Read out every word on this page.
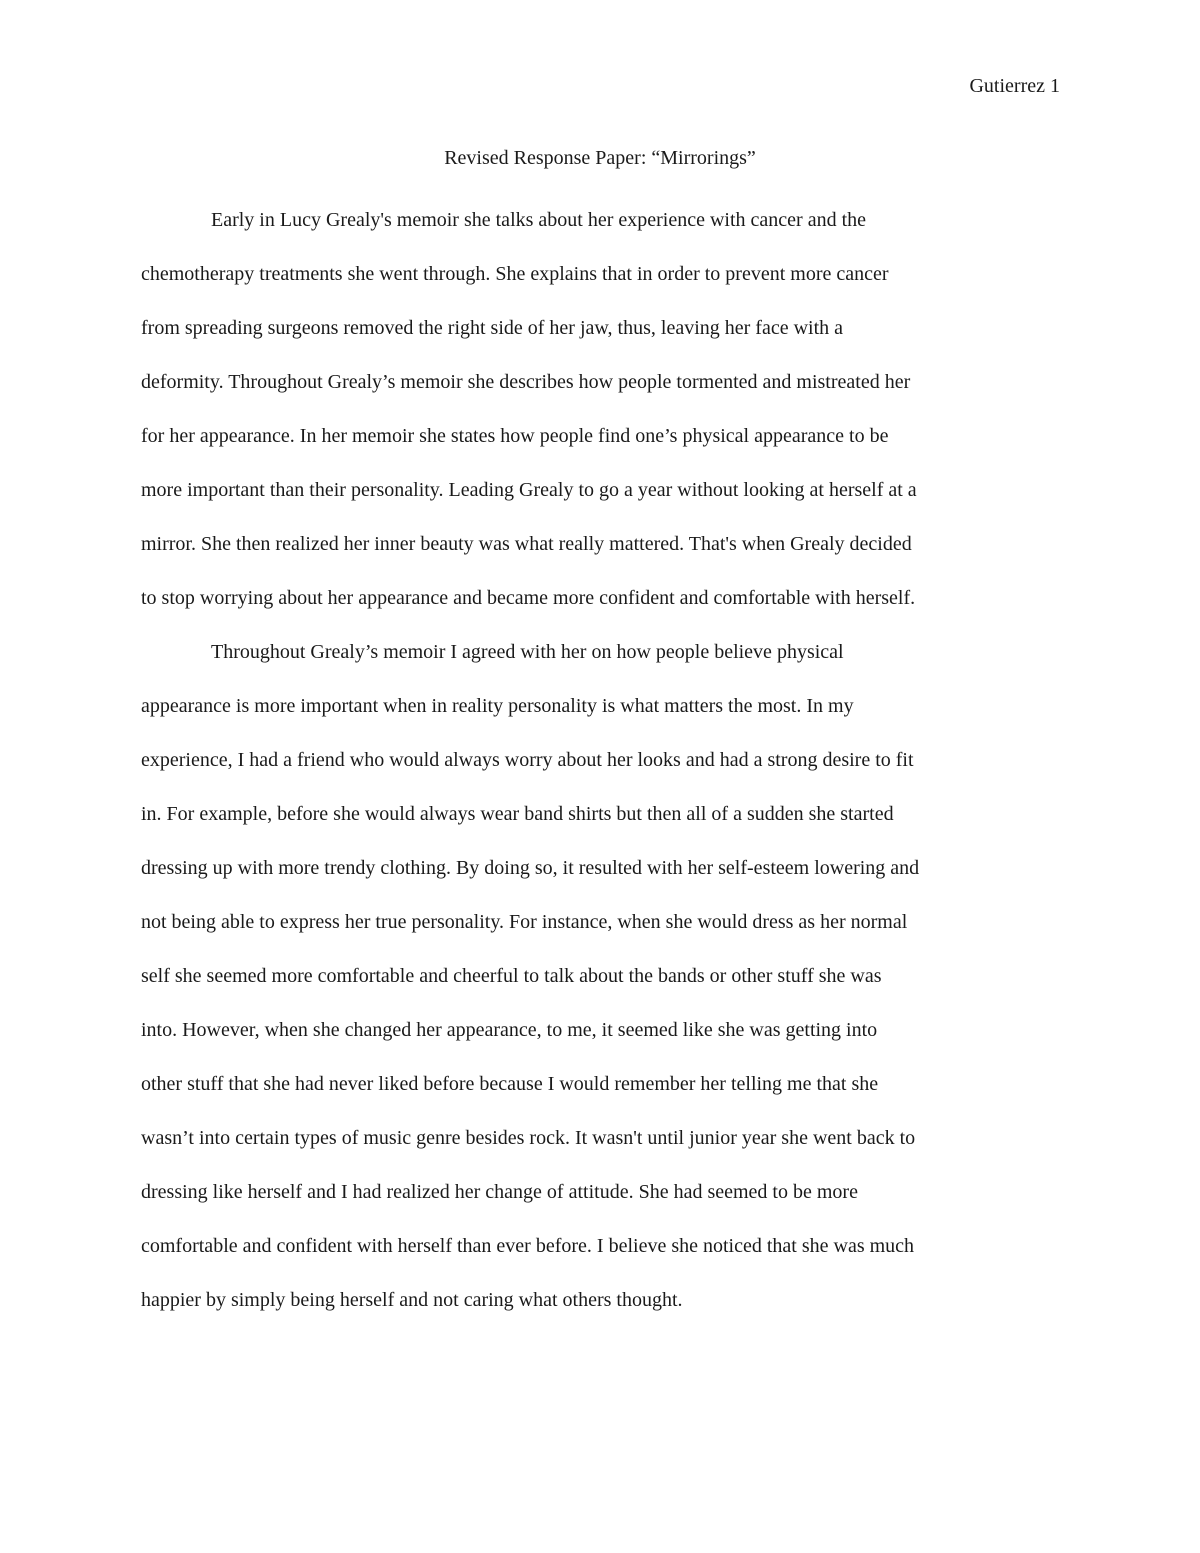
Gutierrez 1
Revised Response Paper: “Mirrorings”
Early in Lucy Grealy's memoir she talks about her experience with cancer and the
chemotherapy treatments she went through. She explains that in order to prevent more cancer
from spreading surgeons removed the right side of her jaw, thus, leaving her face with a
deformity. Throughout Grealy’s memoir she describes how people tormented and mistreated her
for her appearance. In her memoir she states how people find one’s physical appearance to be
more important than their personality. Leading Grealy to go a year without looking at herself at a
mirror. She then realized her inner beauty was what really mattered. That's when Grealy decided
to stop worrying about her appearance and became more confident and comfortable with herself.
Throughout Grealy’s memoir I agreed with her on how people believe physical
appearance is more important when in reality personality is what matters the most. In my
experience, I had a friend who would always worry about her looks and had a strong desire to fit
in. For example, before she would always wear band shirts but then all of a sudden she started
dressing up with more trendy clothing. By doing so, it resulted with her self-esteem lowering and
not being able to express her true personality. For instance, when she would dress as her normal
self she seemed more comfortable and cheerful to talk about the bands or other stuff she was
into. However, when she changed her appearance, to me, it seemed like she was getting into
other stuff that she had never liked before because I would remember her telling me that she
wasn’t into certain types of music genre besides rock. It wasn't until junior year she went back to
dressing like herself and I had realized her change of attitude. She had seemed to be more
comfortable and confident with herself than ever before. I believe she noticed that she was much
happier by simply being herself and not caring what others thought.
